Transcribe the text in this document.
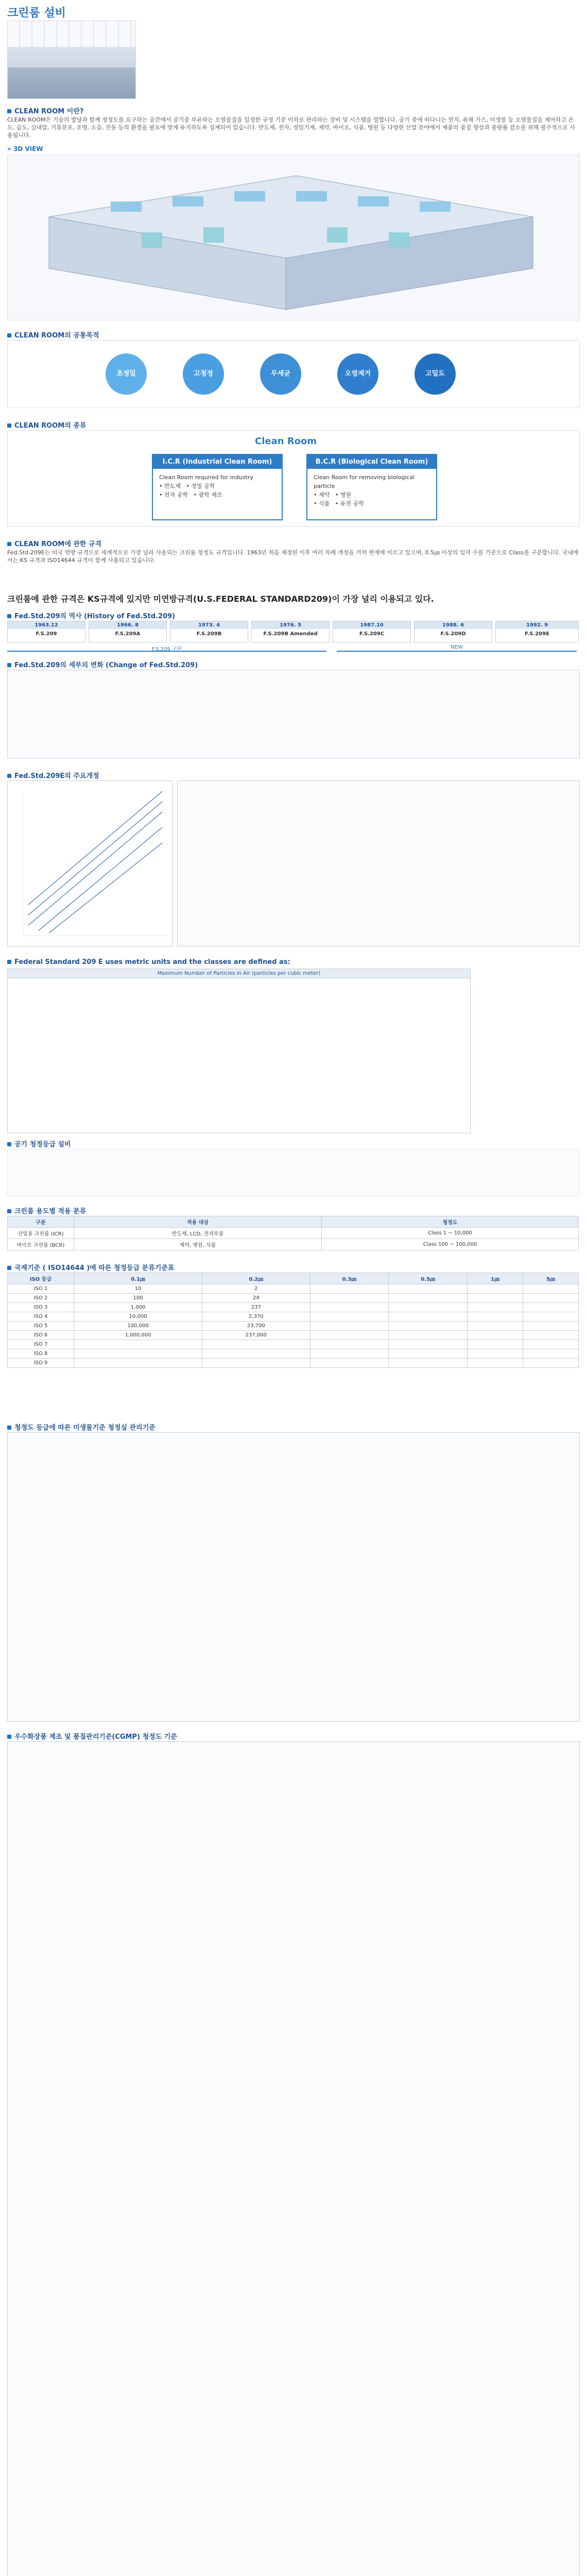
크린룸 설비
CLEAN ROOM 이란?
CLEAN ROOM은 기술의 발달과 함께 청정도를 요구하는 공간에서 공기중 부유하는 오염물질을 일정한 규정 기준 이하로 관리하는 장비 및 시스템을 말합니다. 공기 중에 떠다니는 먼지, 유해 가스, 미생물 등 오염물질을 제어하고 온도, 습도, 실내압, 기류분포, 조명, 소음, 진동 등의 환경을 필요에 맞게 유지하도록 설계되어 있습니다. 반도체, 전자, 정밀기계, 제약, 바이오, 식품, 병원 등 다양한 산업 분야에서 제품의 품질 향상과 불량률 감소를 위해 필수적으로 사용됩니다.
» 3D VIEW
CLEAN ROOM의 공통목적
초정밀	고청정	무세균	오염제거	고밀도
CLEAN ROOM의 종류
Clean Room
I.C.R (Industrial Clean Room)
Clean Room required for industry
• 반도체   • 정밀 공학
• 전자 공학   • 광학 제조
B.C.R (Biological Clean Room)
Clean Room for removing biological particle
• 제약   • 병원
• 식품   • 유전 공학
CLEAN ROOM에 관한 규격
Fed.Std.209E는 미국 연방 규격으로 세계적으로 가장 널리 사용되는 크린룸 청정도 규격입니다. 1963년 처음 제정된 이후 여러 차례 개정을 거쳐 현재에 이르고 있으며, 0.5㎛ 이상의 입자 수를 기준으로 Class를 구분합니다. 국내에서는 KS 규격과 ISO14644 규격이 함께 사용되고 있습니다.
크린룸에 관한 규격은 KS규격에 있지만 미연방규격(U.S.FEDERAL STANDARD209)이 가장 널리 이용되고 있다.
Fed.Std.209의 역사 (History of Fed.Std.209)
1963.12
F.S.209
1966. 8
F.S.209A
1973. 4
F.S.209B
1976. 5
F.S.209B Amended
1987.10
F.S.209C
1988. 6
F.S.209D
1992. 9
F.S.209E
F.S.209 구판	NEW
Fed.Std.209의 세부의 변화 (Change of Fed.Std.209)
Fed.Std.209E의 주요개정
Federal Standard 209 E uses metric units and the classes are defined as:
Maximum Number of Particles in Air (particles per cubic meter)
공기 청정등급 설비
크린룸 용도별 적용 분류
구분	적용 대상	청정도
산업용 크린룸 (ICR)	반도체, LCD, 전자부품	Class 1 ~ 10,000
바이오 크린룸 (BCR)	제약, 병원, 식품	Class 100 ~ 100,000
국제기준 ( ISO14644 )에 따른 청정등급 분류기준표
ISO 등급	0.1㎛	0.2㎛	0.3㎛	0.5㎛	1㎛	5㎛
ISO 1	10	2				
ISO 2	100	24				
ISO 3	1,000	237				
ISO 4	10,000	2,370				
ISO 5	100,000	23,700				
ISO 6	1,000,000	237,000				
ISO 7						
ISO 8						
ISO 9						
청정도 등급에 따른 미생물기준 청정실 관리기준
우수화장품 제조 및 품질관리기준(CGMP) 청정도 기준
